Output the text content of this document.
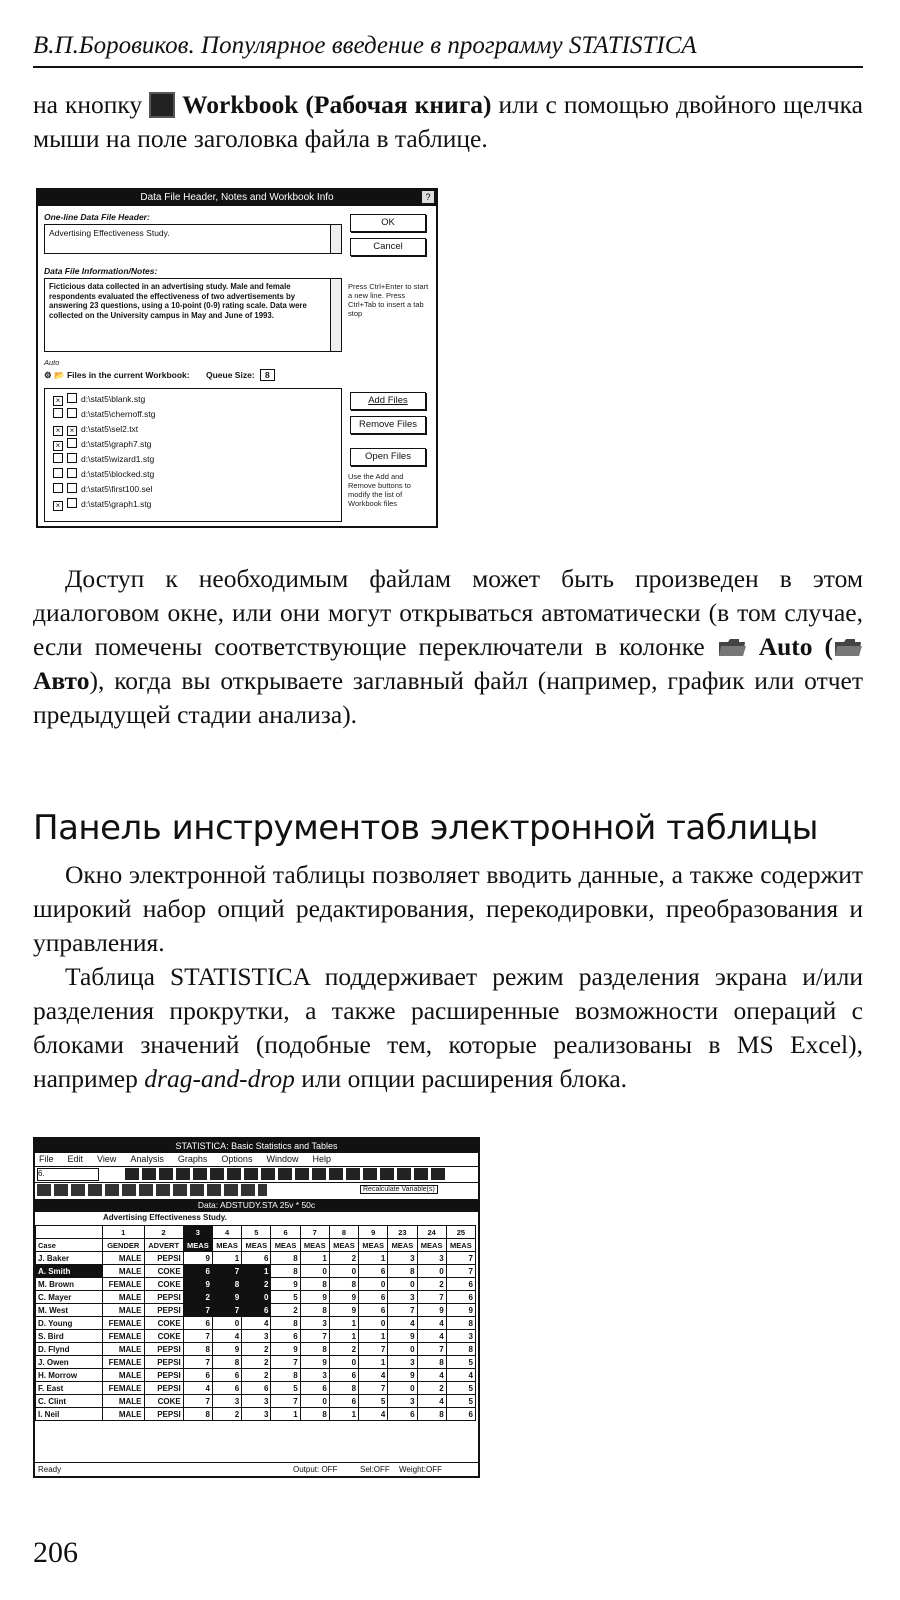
В.П.Боровиков. Популярное введение в программу STATISTICA
на кнопку Workbook (Рабочая книга) или с помощью двойного щелчка мыши на поле заголовка файла в таблице.
Data File Header, Notes and Workbook Info	?
One-line Data File Header:
Advertising Effectiveness Study.
OK
Cancel
Data File Information/Notes:
Ficticious data collected in an advertising study. Male and female respondents evaluated the effectiveness of two advertisements by answering 23 questions, using a 10-point (0-9) rating scale. Data were collected on the University campus in May and June of 1993.
Press Ctrl+Enter to start a new line. Press Ctrl+Tab to insert a tab stop
Auto
⚙ 📂 Files in the current Workbook: Queue Size: 8
× d:\stat5\blank.stg
d:\stat5\chernoff.stg
× × d:\stat5\sel2.txt
× d:\stat5\graph7.stg
d:\stat5\wizard1.stg
d:\stat5\blocked.stg
d:\stat5\first100.sel
× d:\stat5\graph1.stg
Add Files
Remove Files
Open Files
Use the Add and Remove buttons to modify the list of Workbook files
Доступ к необходимым файлам может быть произведен в этом диалоговом окне, или они могут открываться автоматически (в том случае, если помечены соответствующие переключатели в колонке Auto ( Авто), когда вы открываете заглавный файл (например, график или отчет предыдущей стадии анализа).
Панель инструментов электронной таблицы
Окно электронной таблицы позволяет вводить данные, а также содержит широкий набор опций редактирования, перекодировки, преобразования и управления.
Таблица STATISTICA поддерживает режим разделения экрана и/или разделения прокрутки, а также расширенные возможности операций с блоками значений (подобные тем, которые реализованы в MS Excel), например drag-and-drop или опции расширения блока.
STATISTICA: Basic Statistics and Tables
File Edit View Analysis Graphs Options Window Help
6.
Recalculate Variable(s)
Data: ADSTUDY.STA 25v * 50c
Advertising Effectiveness Study.
	1	2	3	4	5	6	7	8	9	23	24	25
Case	GENDER	ADVERT	MEAS	MEAS	MEAS	MEAS	MEAS	MEAS	MEAS	MEAS	MEAS	MEAS
J. Baker	MALE	PEPSI	9	1	6	8	1	2	1	3	3	7
A. Smith	MALE	COKE	6	7	1	8	0	0	6	8	0	7
M. Brown	FEMALE	COKE	9	8	2	9	8	8	0	0	2	6
C. Mayer	MALE	PEPSI	2	9	0	5	9	9	6	3	7	6
M. West	MALE	PEPSI	7	7	6	2	8	9	6	7	9	9
D. Young	FEMALE	COKE	6	0	4	8	3	1	0	4	4	8
S. Bird	FEMALE	COKE	7	4	3	6	7	1	1	9	4	3
D. Flynd	MALE	PEPSI	8	9	2	9	8	2	7	0	7	8
J. Owen	FEMALE	PEPSI	7	8	2	7	9	0	1	3	8	5
H. Morrow	MALE	PEPSI	6	6	2	8	3	6	4	9	4	4
F. East	FEMALE	PEPSI	4	6	6	5	6	8	7	0	2	5
C. Clint	MALE	COKE	7	3	3	7	0	6	5	3	4	5
I. Neil	MALE	PEPSI	8	2	3	1	8	1	4	6	8	6
Ready	Output: OFF	Sel:OFF Weight:OFF
206
